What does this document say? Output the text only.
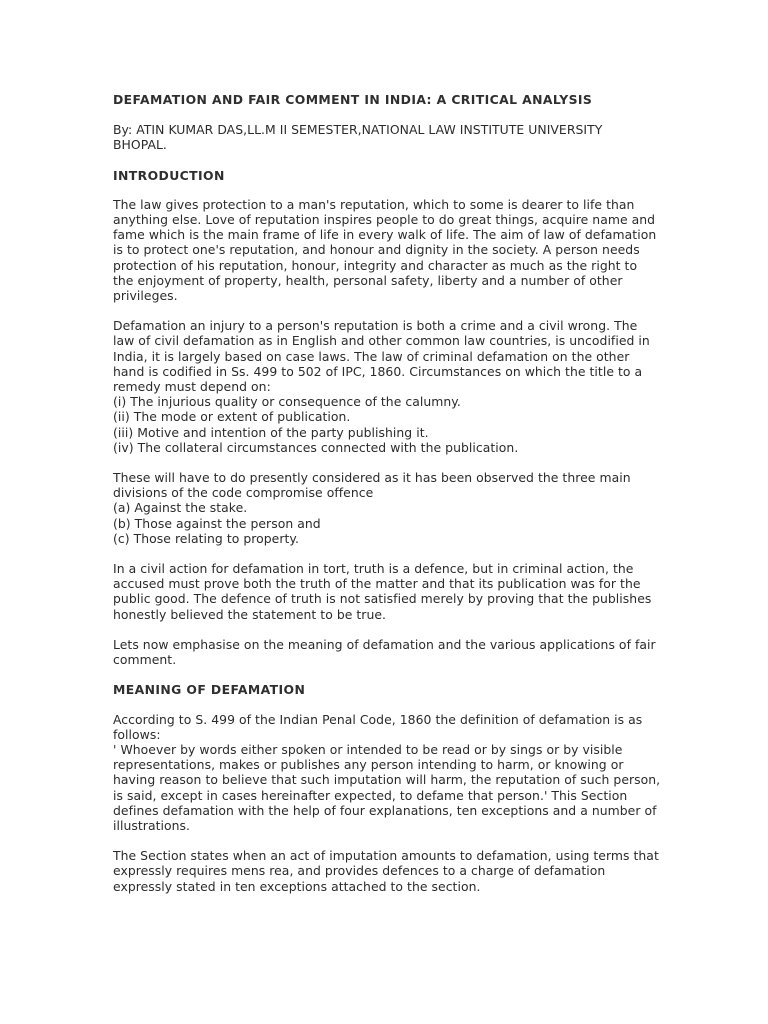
DEFAMATION AND FAIR COMMENT IN INDIA: A CRITICAL ANALYSIS

By: ATIN KUMAR DAS,LL.M II SEMESTER,NATIONAL LAW INSTITUTE UNIVERSITY
BHOPAL.

INTRODUCTION

The law gives protection to a man's reputation, which to some is dearer to life than anything else. Love of reputation inspires people to do great things, acquire name and fame which is the main frame of life in every walk of life. The aim of law of defamation is to protect one's reputation, and honour and dignity in the society. A person needs protection of his reputation, honour, integrity and character as much as the right to the enjoyment of property, health, personal safety, liberty and a number of other privileges.

Defamation an injury to a person's reputation is both a crime and a civil wrong. The law of civil defamation as in English and other common law countries, is uncodified in India, it is largely based on case laws. The law of criminal defamation on the other hand is codified in Ss. 499 to 502 of IPC, 1860. Circumstances on which the title to a remedy must depend on:
(i) The injurious quality or consequence of the calumny.
(ii) The mode or extent of publication.
(iii) Motive and intention of the party publishing it.
(iv) The collateral circumstances connected with the publication.
These will have to do presently considered as it has been observed the three main divisions of the code compromise offence
(a) Against the stake.
(b) Those against the person and
(c) Those relating to property.

In a civil action for defamation in tort, truth is a defence, but in criminal action, the accused must prove both the truth of the matter and that its publication was for the public good. The defence of truth is not satisfied merely by proving that the publishes honestly believed the statement to be true.

Lets now emphasise on the meaning of defamation and the various applications of fair comment.

MEANING OF DEFAMATION

According to S. 499 of the Indian Penal Code, 1860 the definition of defamation is as follows:
' Whoever by words either spoken or intended to be read or by sings or by visible representations, makes or publishes any person intending to harm, or knowing or having reason to believe that such imputation will harm, the reputation of such person, is said, except in cases hereinafter expected, to defame that person.' This Section defines defamation with the help of four explanations, ten exceptions and a number of illustrations.

The Section states when an act of imputation amounts to defamation, using terms that expressly requires mens rea, and provides defences to a charge of defamation expressly stated in ten exceptions attached to the section.
